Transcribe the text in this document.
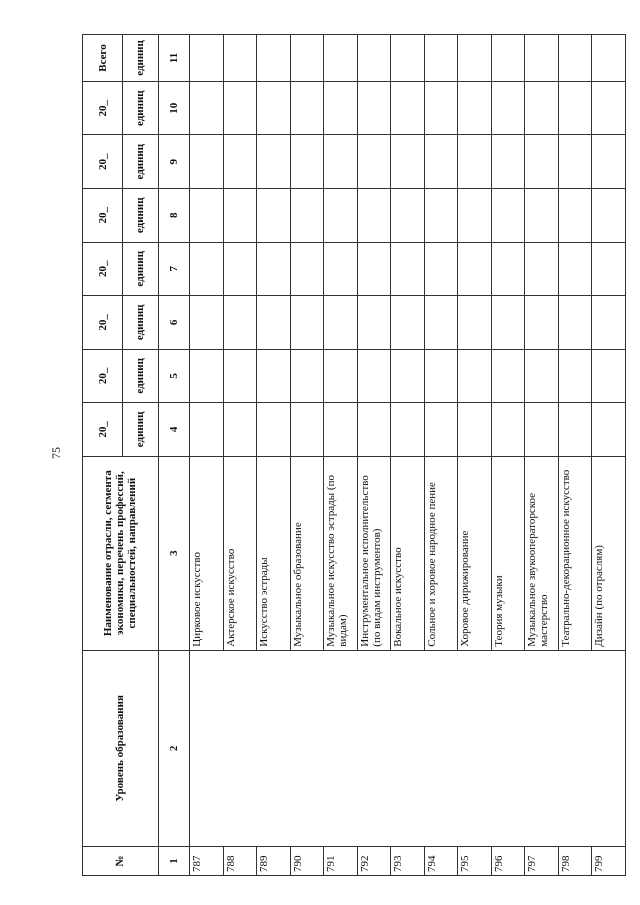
75
№	Уровень образования	Наименование отрасли, сегмента экономики, перечень профессий, специальностей, направлений	20_	20_	20_	20_	20_	20_	20_	Всего
			единиц	единиц	единиц	единиц	единиц	единиц	единиц	единиц
1	2	3	4	5	6	7	8	9	10	11
787		Цирковое искусство								
788		Актерское искусство								
789		Искусство эстрады								
790		Музыкальное образование								
791		Музыкальное искусство эстрады (по видам)								
792		Инструментальное исполнительство (по видам инструментов)								
793		Вокальное искусство								
794		Сольное и хоровое народное пение								
795		Хоровое дирижирование								
796		Теория музыки								
797		Музыкальное звукооператорское мастерство								
798		Театрально-декорационное искусство								
799		Дизайн (по отраслям)								
